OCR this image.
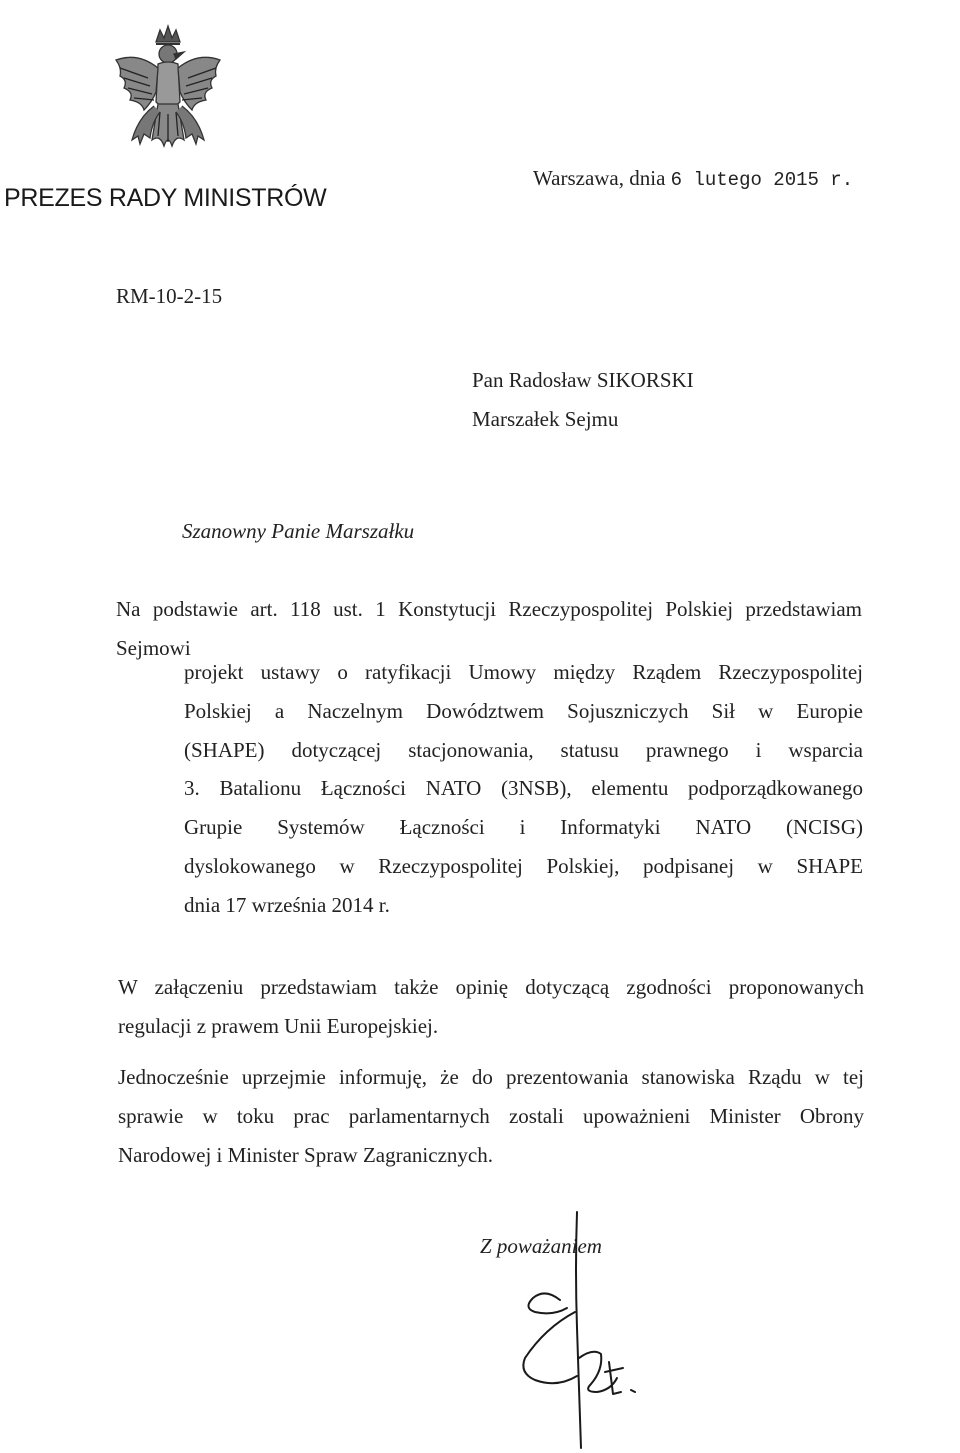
PREZES RADY MINISTRÓW
Warszawa, dnia 6 lutego 2015 r.
RM-10-2-15
Pan Radosław SIKORSKI
Marszałek Sejmu
Szanowny Panie Marszałku
Na podstawie art. 118 ust. 1 Konstytucji Rzeczypospolitej Polskiej przedstawiam
Sejmowi
projekt ustawy o ratyfikacji Umowy między Rządem Rzeczypospolitej
Polskiej a Naczelnym Dowództwem Sojuszniczych Sił w Europie
(SHAPE) dotyczącej stacjonowania, statusu prawnego i wsparcia
3. Batalionu Łączności NATO (3NSB), elementu podporządkowanego
Grupie Systemów Łączności i Informatyki NATO (NCISG)
dyslokowanego w Rzeczypospolitej Polskiej, podpisanej w SHAPE
dnia 17 września 2014 r.
W załączeniu przedstawiam także opinię dotyczącą zgodności proponowanych
regulacji z prawem Unii Europejskiej.
Jednocześnie uprzejmie informuję, że do prezentowania stanowiska Rządu w tej
sprawie w toku prac parlamentarnych zostali upoważnieni Minister Obrony
Narodowej i Minister Spraw Zagranicznych.
Z poważaniem
